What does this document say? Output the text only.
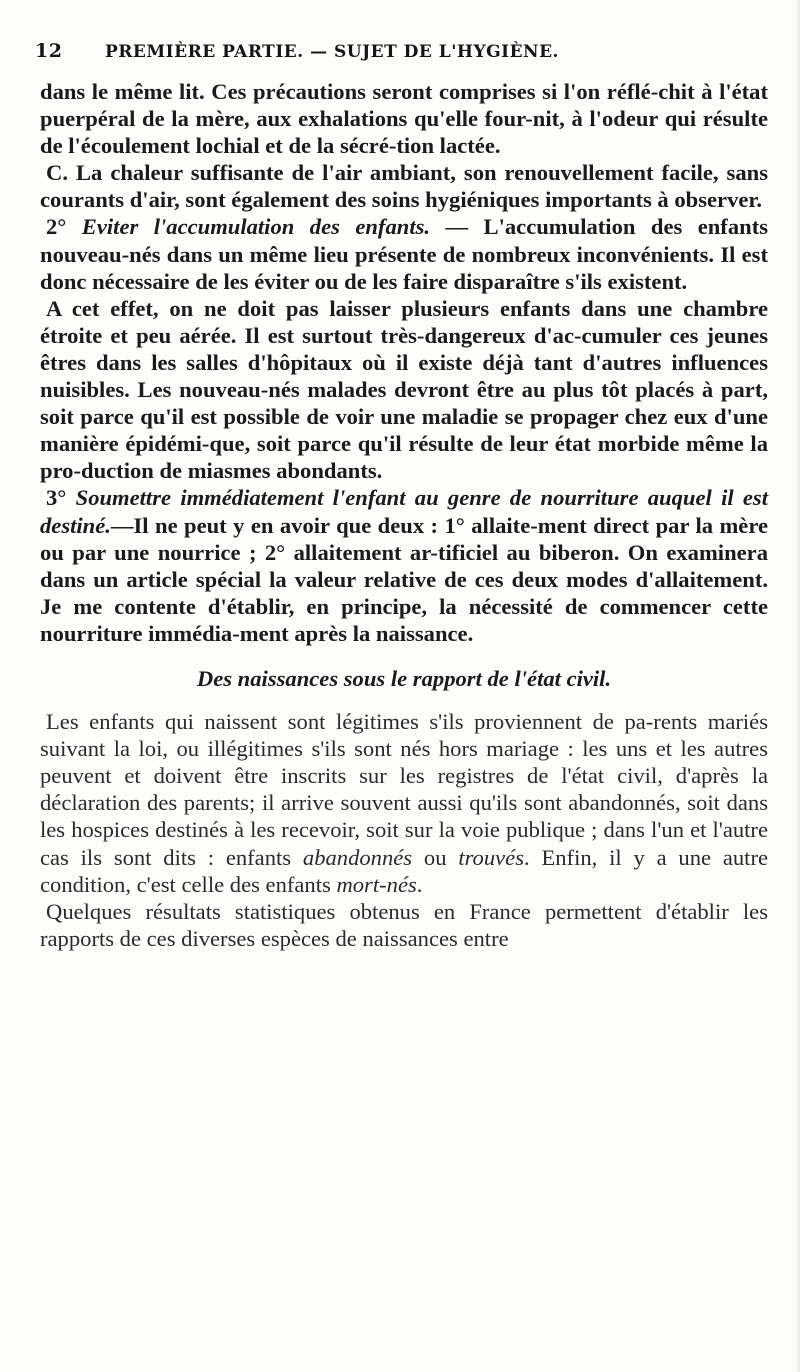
12	PREMIÈRE PARTIE. — SUJET DE L'HYGIÈNE.

dans le même lit. Ces précautions seront comprises si l'on réflé-chit à l'état puerpéral de la mère, aux exhalations qu'elle four-nit, à l'odeur qui résulte de l'écoulement lochial et de la sécré-tion lactée.

C. La chaleur suffisante de l'air ambiant, son renouvellement facile, sans courants d'air, sont également des soins hygiéniques importants à observer.

2° Eviter l'accumulation des enfants. — L'accumulation des enfants nouveau-nés dans un même lieu présente de nombreux inconvénients. Il est donc nécessaire de les éviter ou de les faire disparaître s'ils existent.

A cet effet, on ne doit pas laisser plusieurs enfants dans une chambre étroite et peu aérée. Il est surtout très-dangereux d'ac-cumuler ces jeunes êtres dans les salles d'hôpitaux où il existe déjà tant d'autres influences nuisibles. Les nouveau-nés malades devront être au plus tôt placés à part, soit parce qu'il est possible de voir une maladie se propager chez eux d'une manière épidémi-que, soit parce qu'il résulte de leur état morbide même la pro-duction de miasmes abondants.

3° Soumettre immédiatement l'enfant au genre de nourriture auquel il est destiné.—Il ne peut y en avoir que deux : 1° allaite-ment direct par la mère ou par une nourrice ; 2° allaitement ar-tificiel au biberon. On examinera dans un article spécial la valeur relative de ces deux modes d'allaitement. Je me contente d'établir, en principe, la nécessité de commencer cette nourriture immédia-ment après la naissance.

Des naissances sous le rapport de l'état civil.

Les enfants qui naissent sont légitimes s'ils proviennent de pa-rents mariés suivant la loi, ou illégitimes s'ils sont nés hors mariage : les uns et les autres peuvent et doivent être inscrits sur les registres de l'état civil, d'après la déclaration des parents; il arrive souvent aussi qu'ils sont abandonnés, soit dans les hospices destinés à les recevoir, soit sur la voie publique ; dans l'un et l'autre cas ils sont dits : enfants abandonnés ou trouvés. Enfin, il y a une autre condition, c'est celle des enfants mort-nés.

Quelques résultats statistiques obtenus en France permettent d'établir les rapports de ces diverses espèces de naissances entre
